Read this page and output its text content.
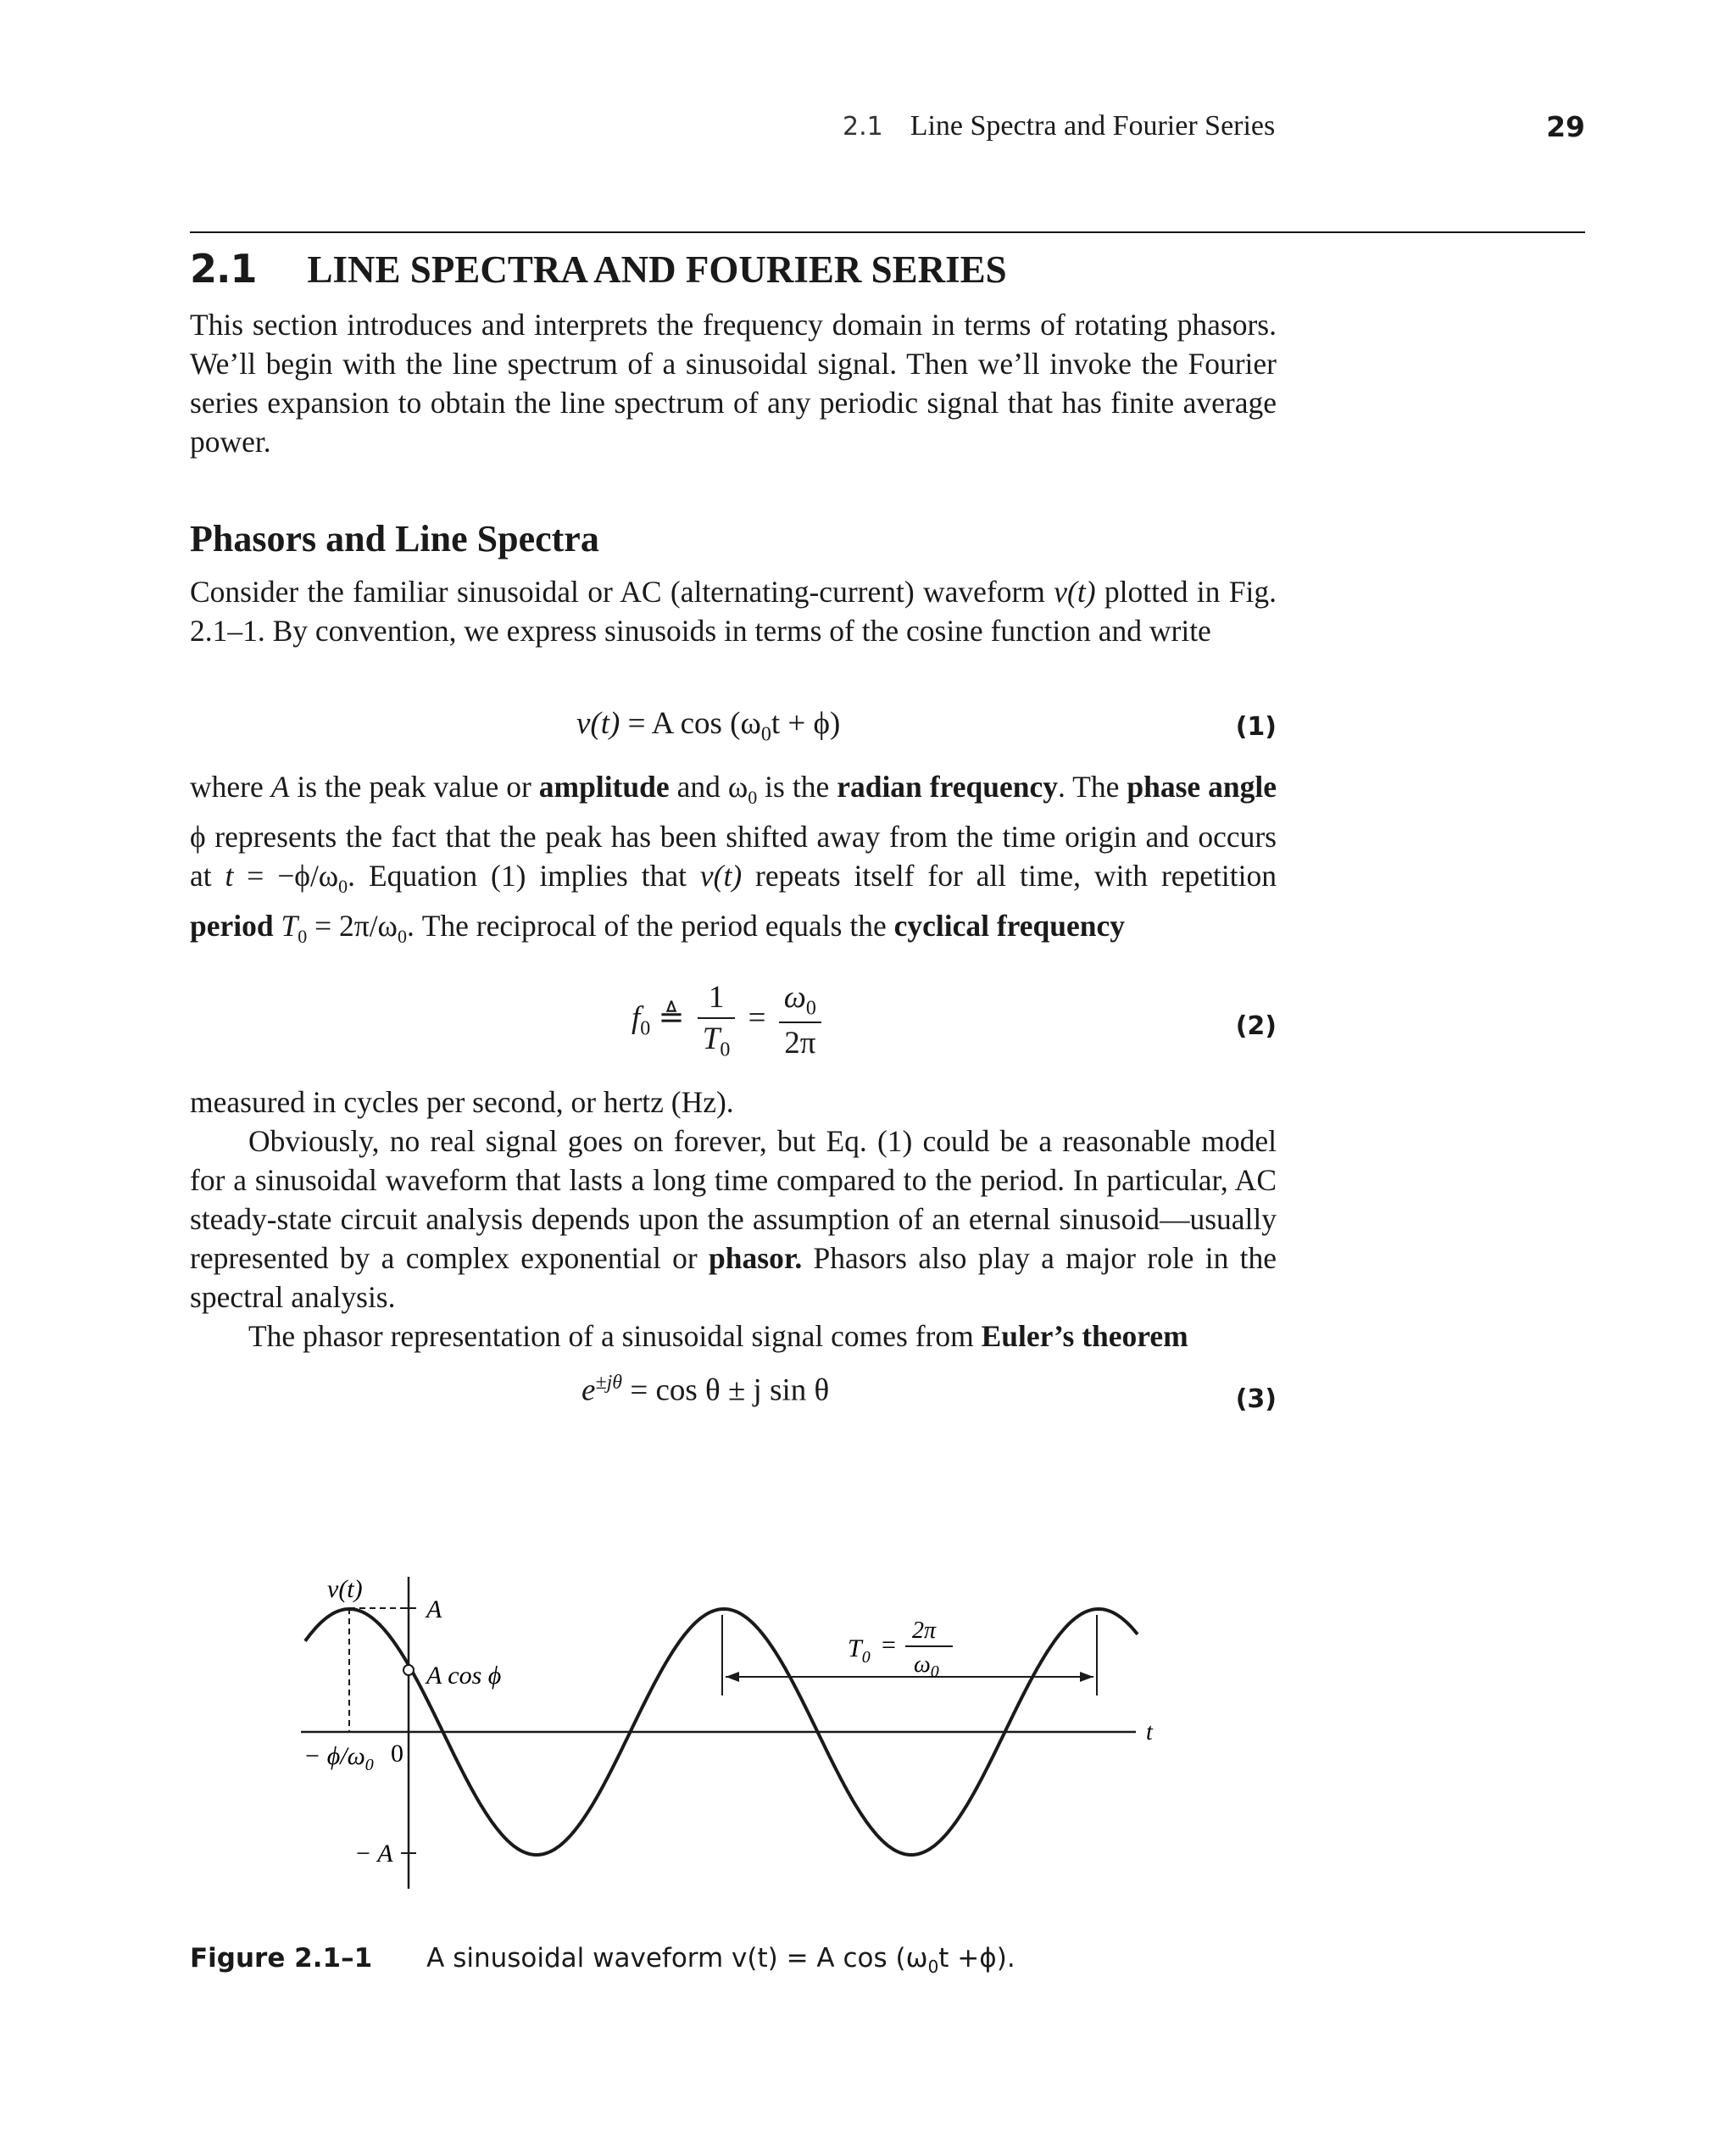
2.1 Line Spectra and Fourier Series	29
2.1 LINE SPECTRA AND FOURIER SERIES
This section introduces and interprets the frequency domain in terms of rotating phasors. We’ll begin with the line spectrum of a sinusoidal signal. Then we’ll invoke the Fourier series expansion to obtain the line spectrum of any periodic signal that has finite average power.
Phasors and Line Spectra
Consider the familiar sinusoidal or AC (alternating-current) waveform v(t) plotted in Fig. 2.1–1. By convention, we express sinusoids in terms of the cosine function and write
v(t) = A $\cos (\omega_0t + \phi)$	(1)
where A is the peak value or amplitude and $\omega_0$ is the radian frequency. The phase angle ϕ represents the fact that the peak has been shifted away from the time origin and occurs at $t = -\phi/\omega_0$. Equation (1) implies that v(t) repeats itself for all time, with repetition period $T_0 = 2\pi/\omega_0$. The reciprocal of the period equals the cyclical frequency
$f_0$ ≜ $\frac{1}{T_0} = \frac{\omega_0}{2\pi}$	(2)
measured in cycles per second, or hertz (Hz).
Obviously, no real signal goes on forever, but Eq. (1) could be a reasonable model for a sinusoidal waveform that lasts a long time compared to the period. In particular, AC steady-state circuit analysis depends upon the assumption of an eternal sinusoid—usually represented by a complex exponential or phasor. Phasors also play a major role in the spectral analysis.
The phasor representation of a sinusoidal signal comes from Euler’s theorem
$e^{\pm j\theta} = \cos \theta \pm j$ sin θ	(3)
v(t)
t
A
− A
A cos ϕ
0
− $\phi/\omega_0$
$T_0$ =
2π
$\omega_0$
Figure 2.1–1 A sinusoidal waveform v(t) = A $\cos (\omega_0t +\phi)$.
